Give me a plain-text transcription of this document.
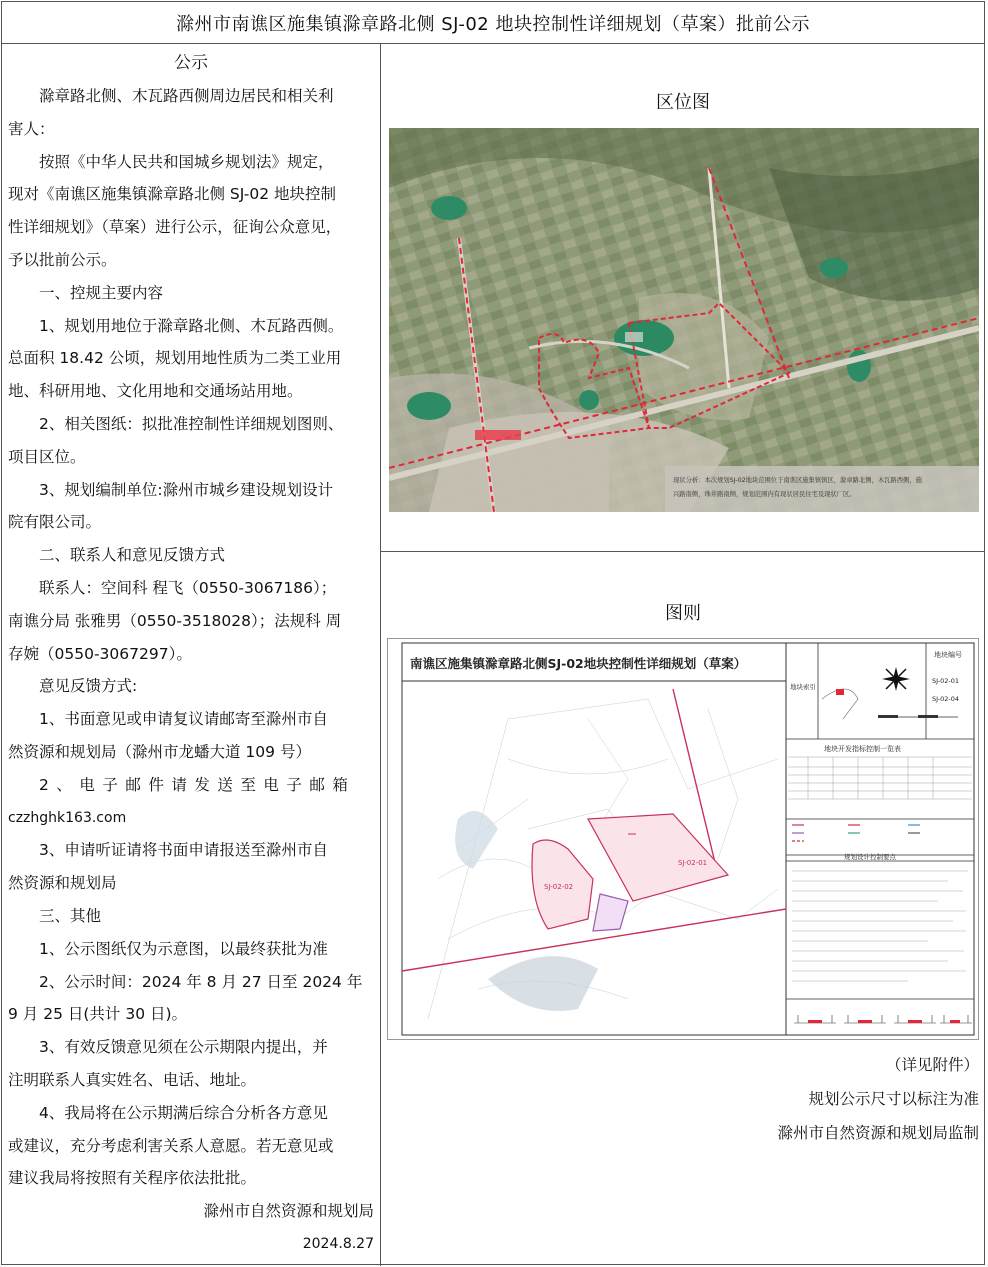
滁州市南谯区施集镇滁章路北侧 SJ-02 地块控制性详细规划（草案）批前公示

公示

滁章路北侧、木瓦路西侧周边居民和相关利

害人：

按照《中华人民共和国城乡规划法》规定，

现对《南谯区施集镇滁章路北侧 SJ-02 地块控制

性详细规划》（草案）进行公示，征询公众意见，

予以批前公示。

一、控规主要内容

1、规划用地位于滁章路北侧、木瓦路西侧。

总面积 18.42 公顷，规划用地性质为二类工业用

地、科研用地、文化用地和交通场站用地。

2、相关图纸：拟批准控制性详细规划图则、

项目区位。

3、规划编制单位:滁州市城乡建设规划设计

院有限公司。

二、联系人和意见反馈方式

联系人：空间科 程飞（0550-3067186）；

南谯分局 张雅男（0550-3518028）；法规科 周

存婉（0550-3067297）。

意见反馈方式:

1、书面意见或申请复议请邮寄至滁州市自

然资源和规划局（滁州市龙蟠大道 109 号）

2、电子邮件请发送至电子邮箱

czzhghk163.com

3、申请听证请将书面申请报送至滁州市自

然资源和规划局

三、其他

1、公示图纸仅为示意图，以最终获批为准

2、公示时间：2024 年 8 月 27 日至 2024 年

9 月 25 日(共计 30 日)。

3、有效反馈意见须在公示期限内提出，并

注明联系人真实姓名、电话、地址。

4、我局将在公示期满后综合分析各方意见

或建议，充分考虑利害关系人意愿。若无意见或

建议我局将按照有关程序依法批批。

滁州市自然资源和规划局

2024.8.27

区位图
现状分析：本次规划SJ-02地块范围位于南谯区施集镇镇区，滁章路北侧，木瓦路西侧，施
兴路南侧，珠井路南侧，规划范围内有现状居民住宅及现状厂区。
图则
南谯区施集镇滁章路北侧SJ-02地块控制性详细规划（草案）
SJ-02-01
SJ-02-02
地块编号
SJ-02-01
SJ-02-04
地块索引
地块开发指标控制一览表
规划设计控制要点
（详见附件）
规划公示尺寸以标注为准
滁州市自然资源和规划局监制
